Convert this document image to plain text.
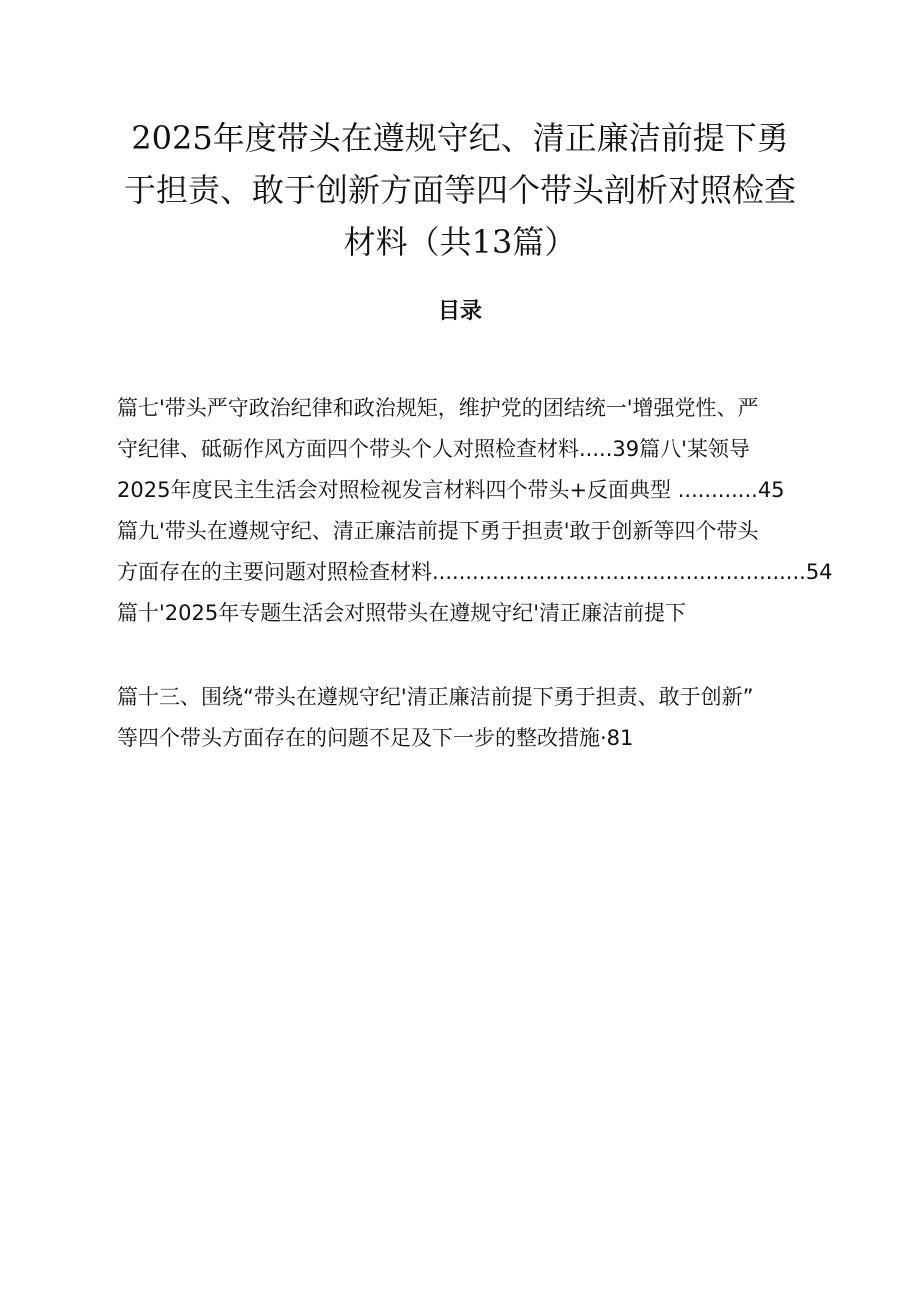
2025年度带头在遵规守纪、清正廉洁前提下勇
于担责、敢于创新方面等四个带头剖析对照检查
材料（共13篇）
目录
篇七'带头严守政治纪律和政治规矩，维护党的团结统一'增强党性、严
守纪律、砥砺作风方面四个带头个人对照检查材料.....39篇八'某领导
2025年度民主生活会对照检视发言材料四个带头+反面典型 ............45
篇九'带头在遵规守纪、清正廉洁前提下勇于担责'敢于创新等四个带头
方面存在的主要问题对照检查材料........................................................54
篇十'2025年专题生活会对照带头在遵规守纪'清正廉洁前提下
篇十三、围绕“带头在遵规守纪'清正廉洁前提下勇于担责、敢于创新”
等四个带头方面存在的问题不足及下一步的整改措施·81
